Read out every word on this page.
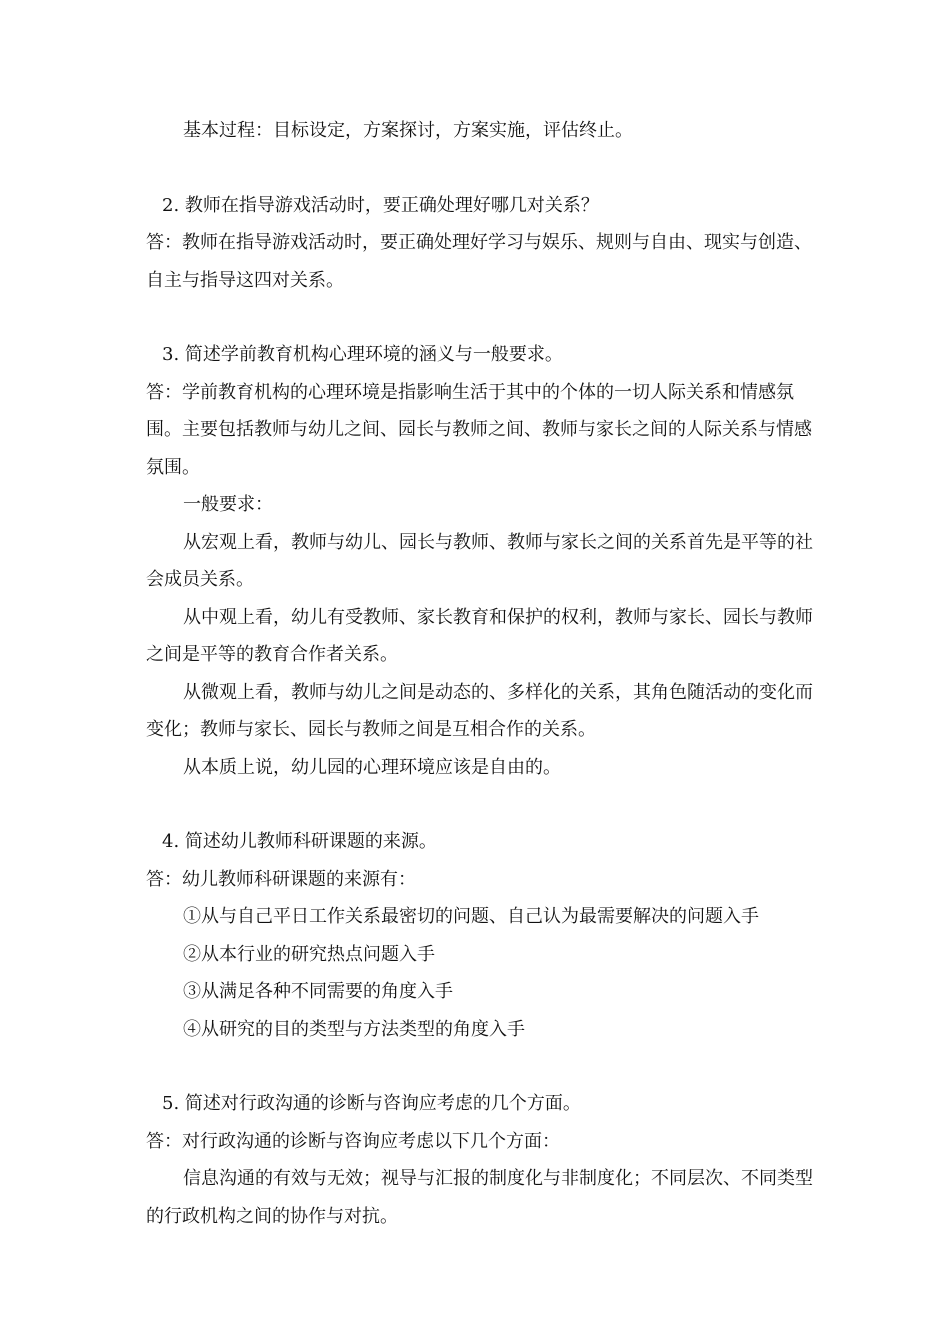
基本过程：目标设定，方案探讨，方案实施，评估终止。

2. 教师在指导游戏活动时，要正确处理好哪几对关系？

答：教师在指导游戏活动时，要正确处理好学习与娱乐、规则与自由、现实与创造、自主与指导这四对关系。

3. 简述学前教育机构心理环境的涵义与一般要求。

答：学前教育机构的心理环境是指影响生活于其中的个体的一切人际关系和情感氛围。主要包括教师与幼儿之间、园长与教师之间、教师与家长之间的人际关系与情感氛围。

一般要求：

从宏观上看，教师与幼儿、园长与教师、教师与家长之间的关系首先是平等的社会成员关系。

从中观上看，幼儿有受教师、家长教育和保护的权利，教师与家长、园长与教师之间是平等的教育合作者关系。

从微观上看，教师与幼儿之间是动态的、多样化的关系，其角色随活动的变化而变化；教师与家长、园长与教师之间是互相合作的关系。

从本质上说，幼儿园的心理环境应该是自由的。

4. 简述幼儿教师科研课题的来源。

答：幼儿教师科研课题的来源有：

①从与自己平日工作关系最密切的问题、自己认为最需要解决的问题入手

②从本行业的研究热点问题入手

③从满足各种不同需要的角度入手

④从研究的目的类型与方法类型的角度入手

5. 简述对行政沟通的诊断与咨询应考虑的几个方面。

答：对行政沟通的诊断与咨询应考虑以下几个方面：

信息沟通的有效与无效；视导与汇报的制度化与非制度化；不同层次、不同类型的行政机构之间的协作与对抗。
